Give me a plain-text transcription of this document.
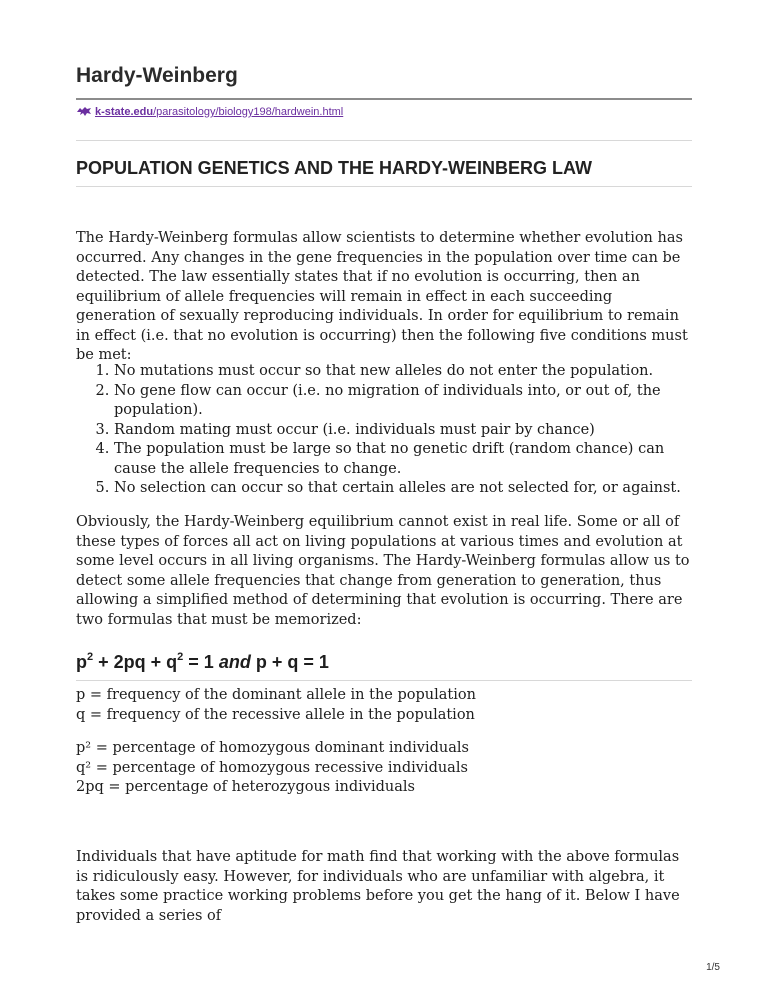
Hardy-Weinberg
k-state.edu/parasitology/biology198/hardwein.html
POPULATION GENETICS AND THE HARDY-WEINBERG LAW

The Hardy-Weinberg formulas allow scientists to determine whether evolution has occurred. Any changes in the gene frequencies in the population over time can be detected. The law essentially states that if no evolution is occurring, then an equilibrium of allele frequencies will remain in effect in each succeeding generation of sexually reproducing individuals. In order for equilibrium to remain in effect (i.e. that no evolution is occurring) then the following five conditions must be met:

1. No mutations must occur so that new alleles do not enter the population.
2. No gene flow can occur (i.e. no migration of individuals into, or out of, the population).
3. Random mating must occur (i.e. individuals must pair by chance)
4. The population must be large so that no genetic drift (random chance) can cause the allele frequencies to change.
5. No selection can occur so that certain alleles are not selected for, or against.

Obviously, the Hardy-Weinberg equilibrium cannot exist in real life. Some or all of these types of forces all act on living populations at various times and evolution at some level occurs in all living organisms. The Hardy-Weinberg formulas allow us to detect some allele frequencies that change from generation to generation, thus allowing a simplified method of determining that evolution is occurring. There are two formulas that must be memorized:

$p^2 + 2pq + q^2 = 1$ and p + q = 1
p = frequency of the dominant allele in the population
q = frequency of the recessive allele in the population
p² = percentage of homozygous dominant individuals
q² = percentage of homozygous recessive individuals
2pq = percentage of heterozygous individuals

Individuals that have aptitude for math find that working with the above formulas is ridiculously easy. However, for individuals who are unfamiliar with algebra, it takes some practice working problems before you get the hang of it. Below I have provided a series of

1/5
